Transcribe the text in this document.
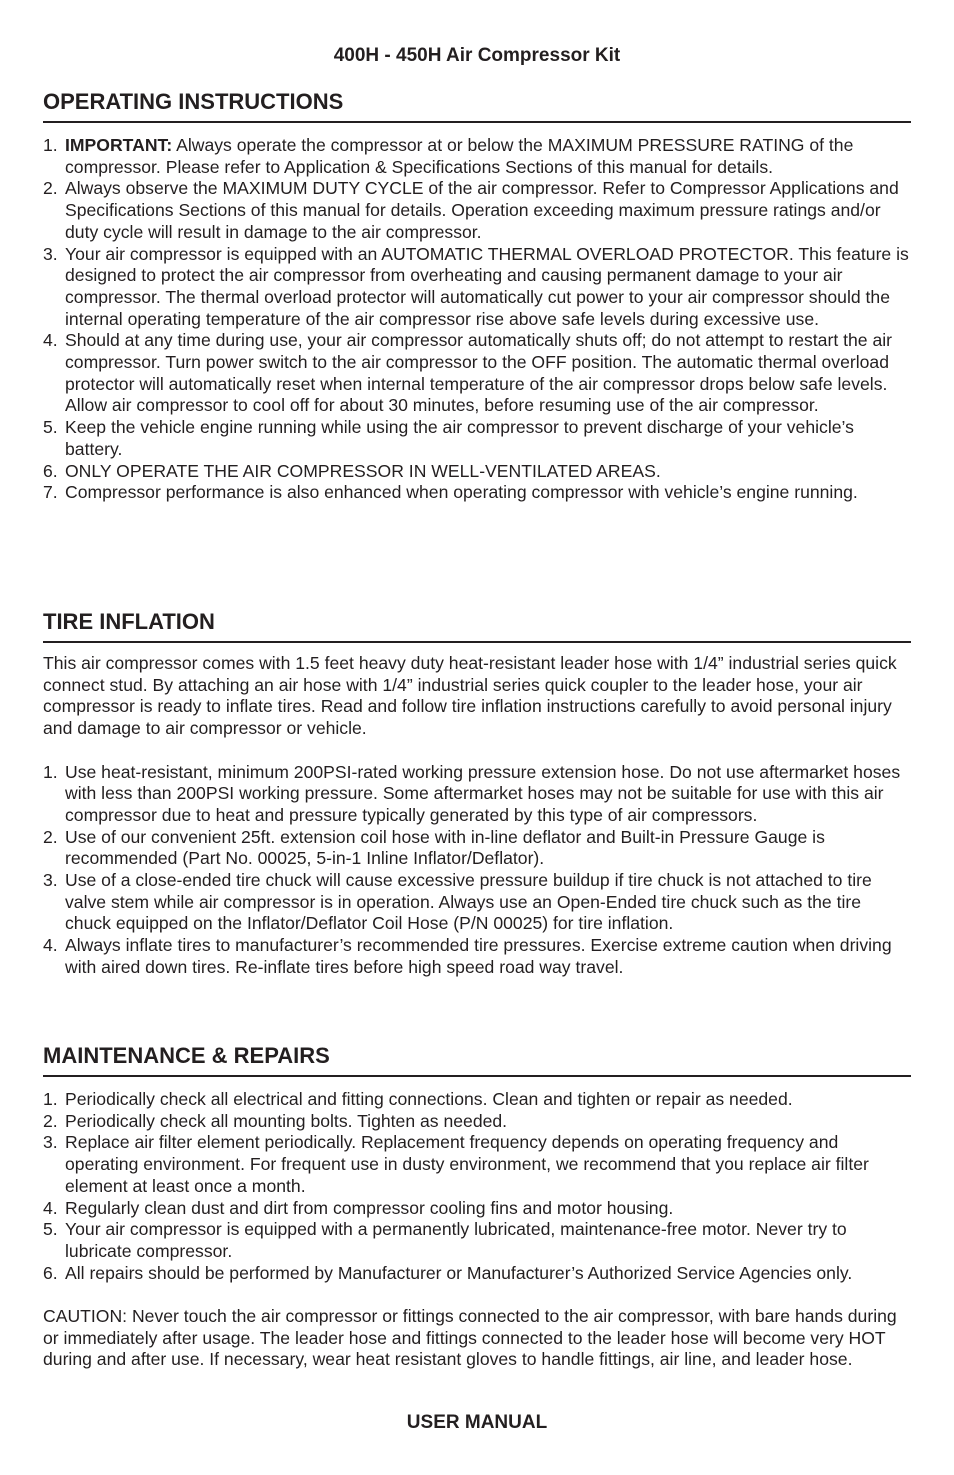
400H - 450H Air Compressor Kit
OPERATING INSTRUCTIONS
1. IMPORTANT: Always operate the compressor at or below the MAXIMUM PRESSURE RATING of the compressor. Please refer to Application & Specifications Sections of this manual for details.
2. Always observe the MAXIMUM DUTY CYCLE of the air compressor. Refer to Compressor Applications and Specifications Sections of this manual for details. Operation exceeding maximum pressure ratings and/or duty cycle will result in damage to the air compressor.
3. Your air compressor is equipped with an AUTOMATIC THERMAL OVERLOAD PROTECTOR. This feature is designed to protect the air compressor from overheating and causing permanent damage to your air compressor. The thermal overload protector will automatically cut power to your air compressor should the internal operating temperature of the air compressor rise above safe levels during excessive use.
4. Should at any time during use, your air compressor automatically shuts off; do not attempt to restart the air compressor. Turn power switch to the air compressor to the OFF position. The automatic thermal overload protector will automatically reset when internal temperature of the air compressor drops below safe levels. Allow air compressor to cool off for about 30 minutes, before resuming use of the air compressor.
5. Keep the vehicle engine running while using the air compressor to prevent discharge of your vehicle’s battery.
6. ONLY OPERATE THE AIR COMPRESSOR IN WELL-VENTILATED AREAS.
7. Compressor performance is also enhanced when operating compressor with vehicle’s engine running.
TIRE INFLATION

This air compressor comes with 1.5 feet heavy duty heat-resistant leader hose with 1/4” industrial series quick connect stud. By attaching an air hose with 1/4” industrial series quick coupler to the leader hose, your air compressor is ready to inflate tires. Read and follow tire inflation instructions carefully to avoid personal injury and damage to air compressor or vehicle.

1. Use heat-resistant, minimum 200PSI-rated working pressure extension hose. Do not use aftermarket hoses with less than 200PSI working pressure. Some aftermarket hoses may not be suitable for use with this air compressor due to heat and pressure typically generated by this type of air compressors.
2. Use of our convenient 25ft. extension coil hose with in-line deflator and Built-in Pressure Gauge is recommended (Part No. 00025, 5-in-1 Inline Inflator/Deflator).
3. Use of a close-ended tire chuck will cause excessive pressure buildup if tire chuck is not attached to tire valve stem while air compressor is in operation. Always use an Open-Ended tire chuck such as the tire chuck equipped on the Inflator/Deflator Coil Hose (P/N 00025) for tire inflation.
4. Always inflate tires to manufacturer’s recommended tire pressures. Exercise extreme caution when driving with aired down tires. Re-inflate tires before high speed road way travel.
MAINTENANCE & REPAIRS
1. Periodically check all electrical and fitting connections. Clean and tighten or repair as needed.
2. Periodically check all mounting bolts. Tighten as needed.
3. Replace air filter element periodically. Replacement frequency depends on operating frequency and operating environment. For frequent use in dusty environment, we recommend that you replace air filter element at least once a month.
4. Regularly clean dust and dirt from compressor cooling fins and motor housing.
5. Your air compressor is equipped with a permanently lubricated, maintenance-free motor. Never try to lubricate compressor.
6. All repairs should be performed by Manufacturer or Manufacturer’s Authorized Service Agencies only.

CAUTION: Never touch the air compressor or fittings connected to the air compressor, with bare hands during or immediately after usage. The leader hose and fittings connected to the leader hose will become very HOT during and after use. If necessary, wear heat resistant gloves to handle fittings, air line, and leader hose.

USER MANUAL
